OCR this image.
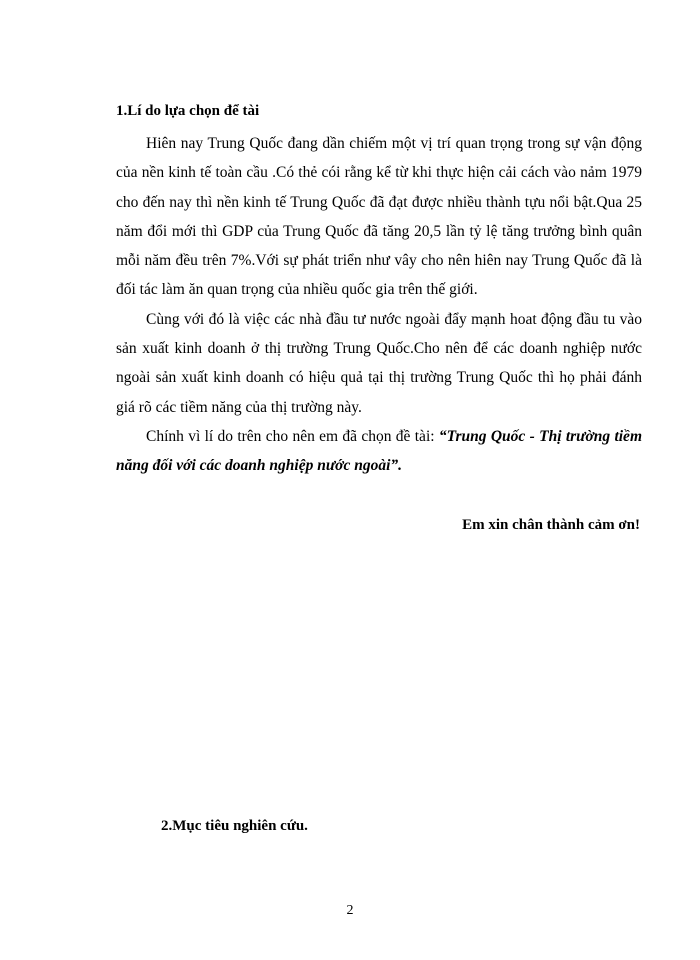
1.Lí do lựa chọn để tài

Hiên nay Trung Quốc đang dần chiếm một vị trí quan trọng trong sự vận động của nền kinh tế toàn cầu .Có thẻ cói rằng kể từ khi thực hiện cải cách vào nảm 1979 cho đến nay thì nền kinh tế Trung Quốc đã đạt được nhiều thành tựu nổi bật.Qua 25 năm đổi mới thì GDP của Trung Quốc đã tăng 20,5 lần tỷ lệ tăng trưởng bình quân mỗi năm đều trên 7%.Với sự phát triển như vây cho nên hiên nay Trung Quốc đã là đối tác làm ăn quan trọng của nhiều quốc gia trên thế giới.

Cùng với đó là việc các nhà đầu tư nước ngoài đẩy mạnh hoat động đầu tu vào sản xuất kinh doanh ở thị trường Trung Quốc.Cho nên để các doanh nghiệp nước ngoài sản xuất kinh doanh có hiệu quả tại thị trường Trung Quốc thì họ phải đánh giá rõ các tiềm năng của thị trường này.

Chính vì lí do trên cho nên em đã chọn đề tài: “Trung Quốc - Thị trường tiềm năng đối với các doanh nghiệp nước ngoài”.

Em xin chân thành cảm ơn!

2.Mục tiêu nghiên cứu.

2
